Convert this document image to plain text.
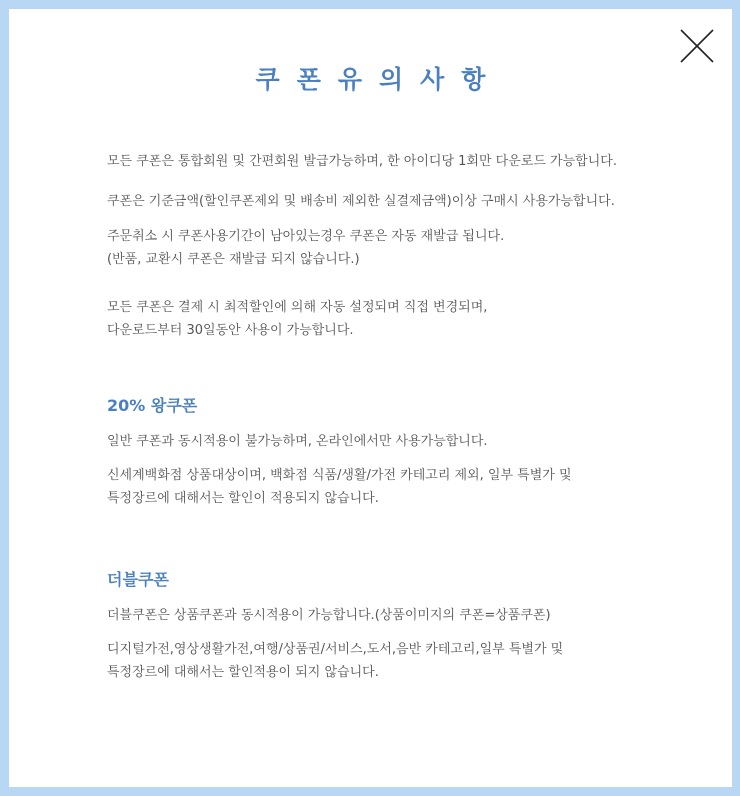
쿠폰유의사항
모든 쿠폰은 통합회원 및 간편회원 발급가능하며, 한 아이디당 1회만 다운로드 가능합니다.
쿠폰은 기준금액(할인쿠폰제외 및 배송비 제외한 실결제금액)이상 구매시 사용가능합니다.
주문취소 시 쿠폰사용기간이 남아있는경우 쿠폰은 자동 재발급 됩니다.
(반품, 교환시 쿠폰은 재발급 되지 않습니다.)
모든 쿠폰은 결제 시 최적할인에 의해 자동 설정되며 직접 변경되며,
다운로드부터 30일동안 사용이 가능합니다.
20% 왕쿠폰
일반 쿠폰과 동시적용이 불가능하며, 온라인에서만 사용가능합니다.
신세계백화점 상품대상이며, 백화점 식품/생활/가전 카테고리 제외, 일부 특별가 및
특정장르에 대해서는 할인이 적용되지 않습니다.
더블쿠폰
더블쿠폰은 상품쿠폰과 동시적용이 가능합니다.(상품이미지의 쿠폰=상품쿠폰)
디지털가전,영상생활가전,여행/상품권/서비스,도서,음반 카테고리,일부 특별가 및
특정장르에 대해서는 할인적용이 되지 않습니다.
